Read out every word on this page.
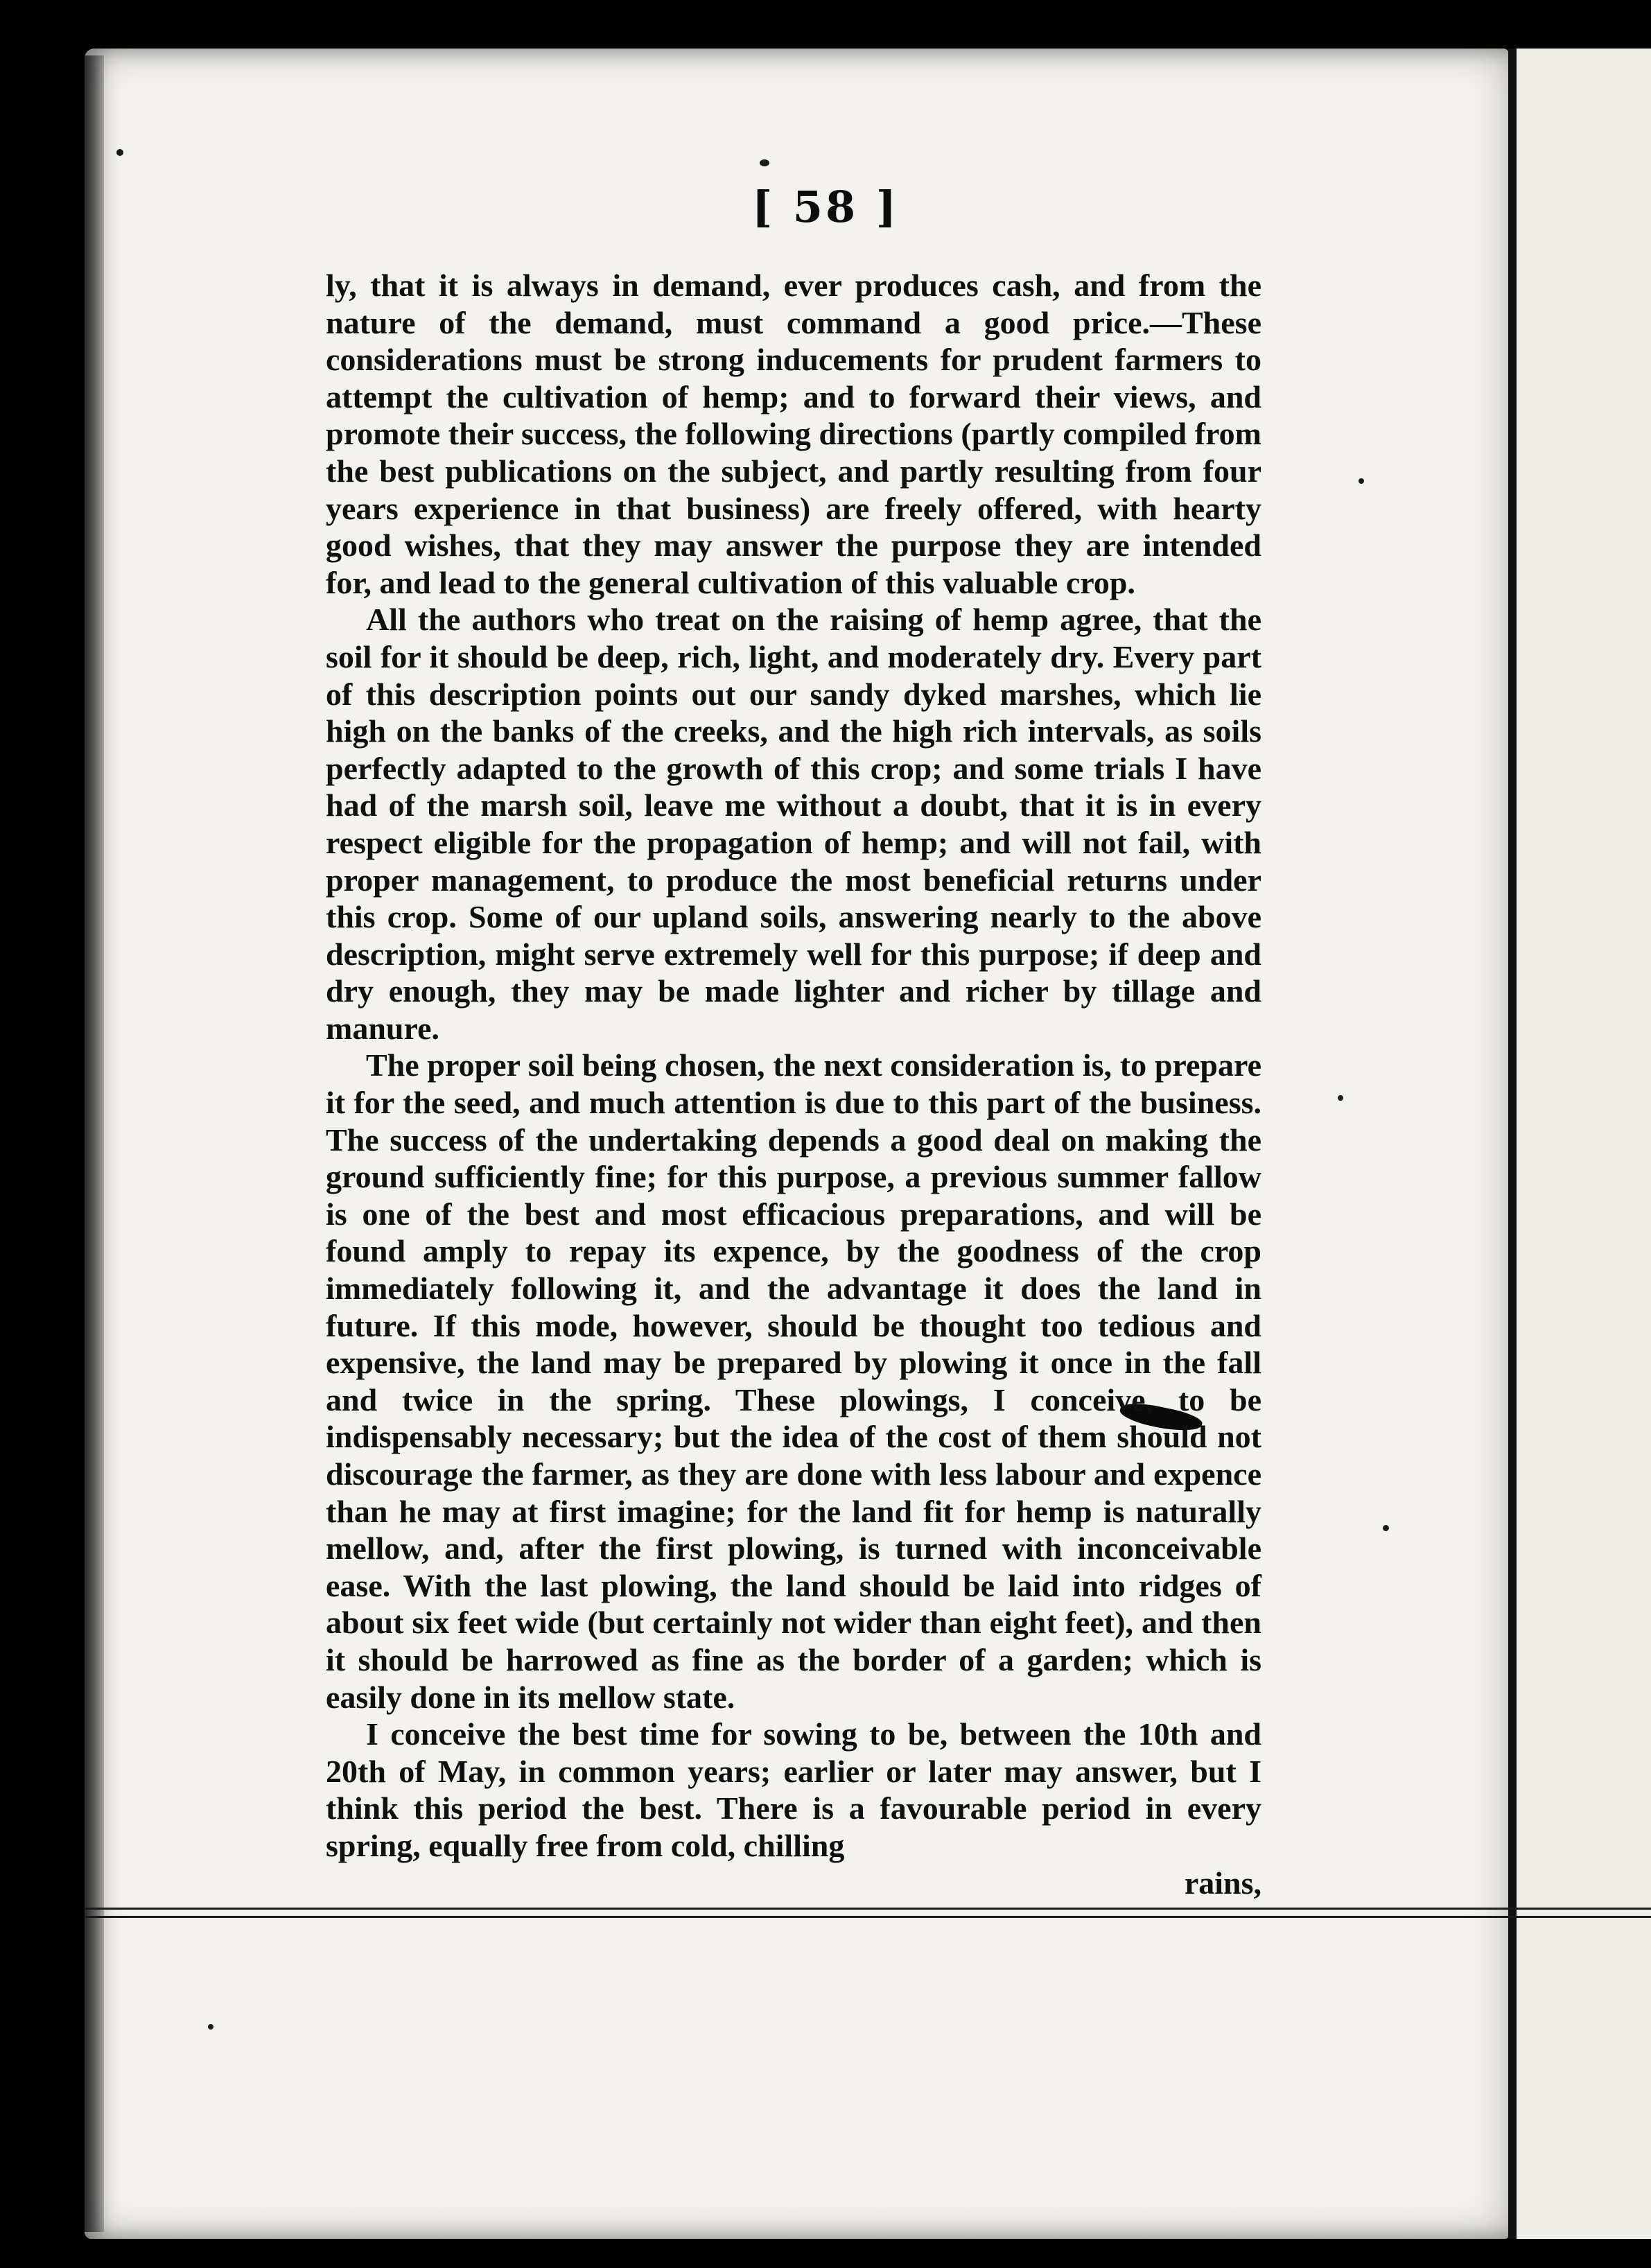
[ 58 ]

ly, that it is always in demand, ever produces cash, and from the nature of the demand, must command a good price.—These considerations must be strong inducements for prudent farmers to attempt the cultivation of hemp; and to forward their views, and promote their success, the following directions (partly compiled from the best publications on the subject, and partly resulting from four years experience in that business) are freely offered, with hearty good wishes, that they may answer the purpose they are intended for, and lead to the general cultivation of this valuable crop.

All the authors who treat on the raising of hemp agree, that the soil for it should be deep, rich, light, and moderately dry. Every part of this description points out our sandy dyked marshes, which lie high on the banks of the creeks, and the high rich intervals, as soils perfectly adapted to the growth of this crop; and some trials I have had of the marsh soil, leave me without a doubt, that it is in every respect eligible for the propagation of hemp; and will not fail, with proper management, to produce the most beneficial returns under this crop. Some of our upland soils, answering nearly to the above description, might serve extremely well for this purpose; if deep and dry enough, they may be made lighter and richer by tillage and manure.

The proper soil being chosen, the next consideration is, to prepare it for the seed, and much attention is due to this part of the business. The success of the undertaking depends a good deal on making the ground sufficiently fine; for this purpose, a previous summer fallow is one of the best and most efficacious preparations, and will be found amply to repay its expence, by the goodness of the crop immediately following it, and the advantage it does the land in future. If this mode, however, should be thought too tedious and expensive, the land may be prepared by plowing it once in the fall and twice in the spring. These plowings, I conceive, to be indispensably necessary; but the idea of the cost of them should not discourage the farmer, as they are done with less labour and expence than he may at first imagine; for the land fit for hemp is naturally mellow, and, after the first plowing, is turned with inconceivable ease. With the last plowing, the land should be laid into ridges of about six feet wide (but certainly not wider than eight feet), and then it should be harrowed as fine as the border of a garden; which is easily done in its mellow state.

I conceive the best time for sowing to be, between the 10th and 20th of May, in common years; earlier or later may answer, but I think this period the best. There is a favourable period in every spring, equally free from cold, chilling

rains,
